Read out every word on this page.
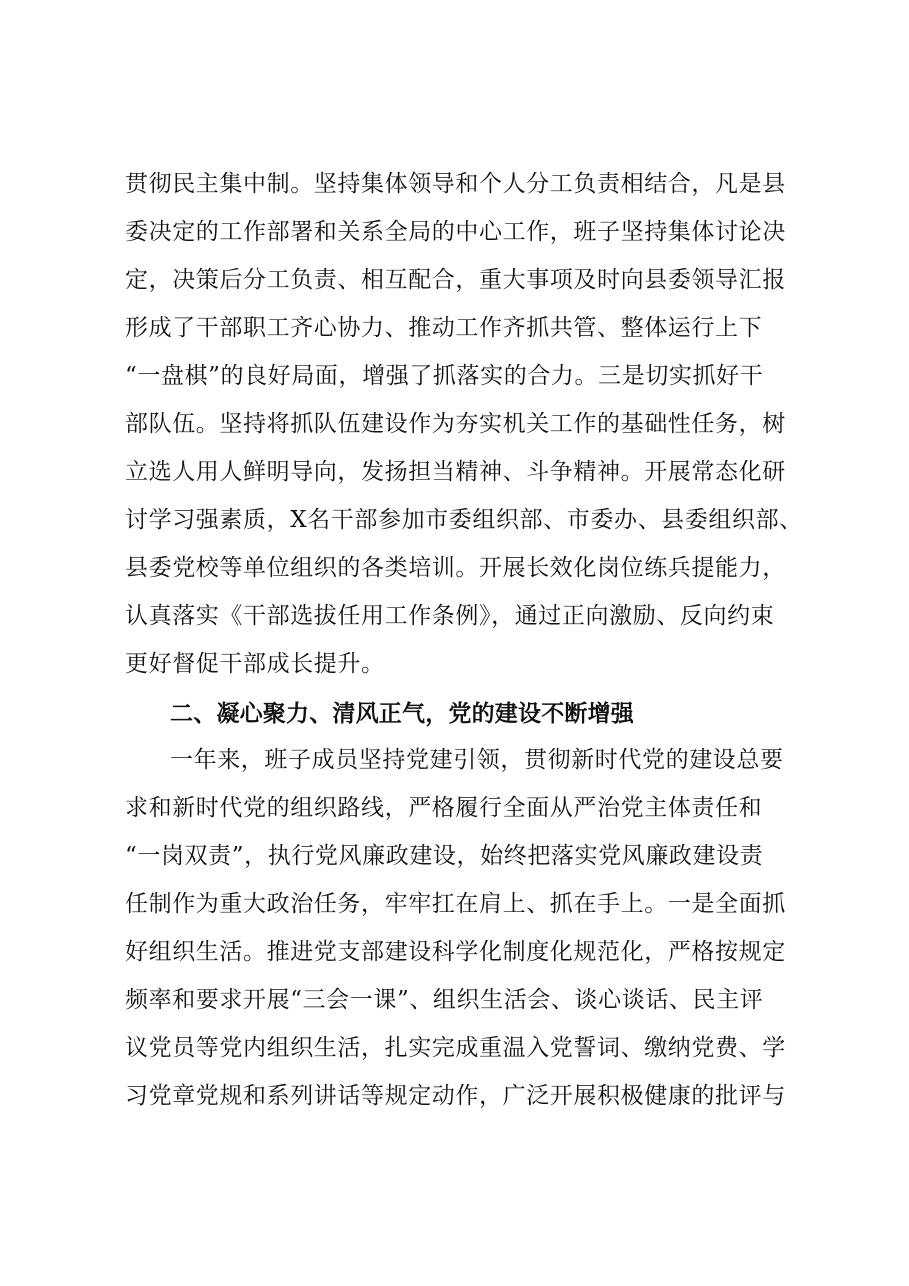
贯彻民主集中制。坚持集体领导和个人分工负责相结合，凡是县
委决定的工作部署和关系全局的中心工作，班子坚持集体讨论决
定，决策后分工负责、相互配合，重大事项及时向县委领导汇报
形成了干部职工齐心协力、推动工作齐抓共管、整体运行上下
“一盘棋”的良好局面，增强了抓落实的合力。三是切实抓好干
部队伍。坚持将抓队伍建设作为夯实机关工作的基础性任务，树
立选人用人鲜明导向，发扬担当精神、斗争精神。开展常态化研
讨学习强素质，X名干部参加市委组织部、市委办、县委组织部、
县委党校等单位组织的各类培训。开展长效化岗位练兵提能力，
认真落实《干部选拔任用工作条例》，通过正向激励、反向约束
更好督促干部成长提升。
二、凝心聚力、清风正气，党的建设不断增强
一年来，班子成员坚持党建引领，贯彻新时代党的建设总要
求和新时代党的组织路线，严格履行全面从严治党主体责任和
“一岗双责”，执行党风廉政建设，始终把落实党风廉政建设责
任制作为重大政治任务，牢牢扛在肩上、抓在手上。一是全面抓
好组织生活。推进党支部建设科学化制度化规范化，严格按规定
频率和要求开展“三会一课”、组织生活会、谈心谈话、民主评
议党员等党内组织生活，扎实完成重温入党誓词、缴纳党费、学
习党章党规和系列讲话等规定动作，广泛开展积极健康的批评与
